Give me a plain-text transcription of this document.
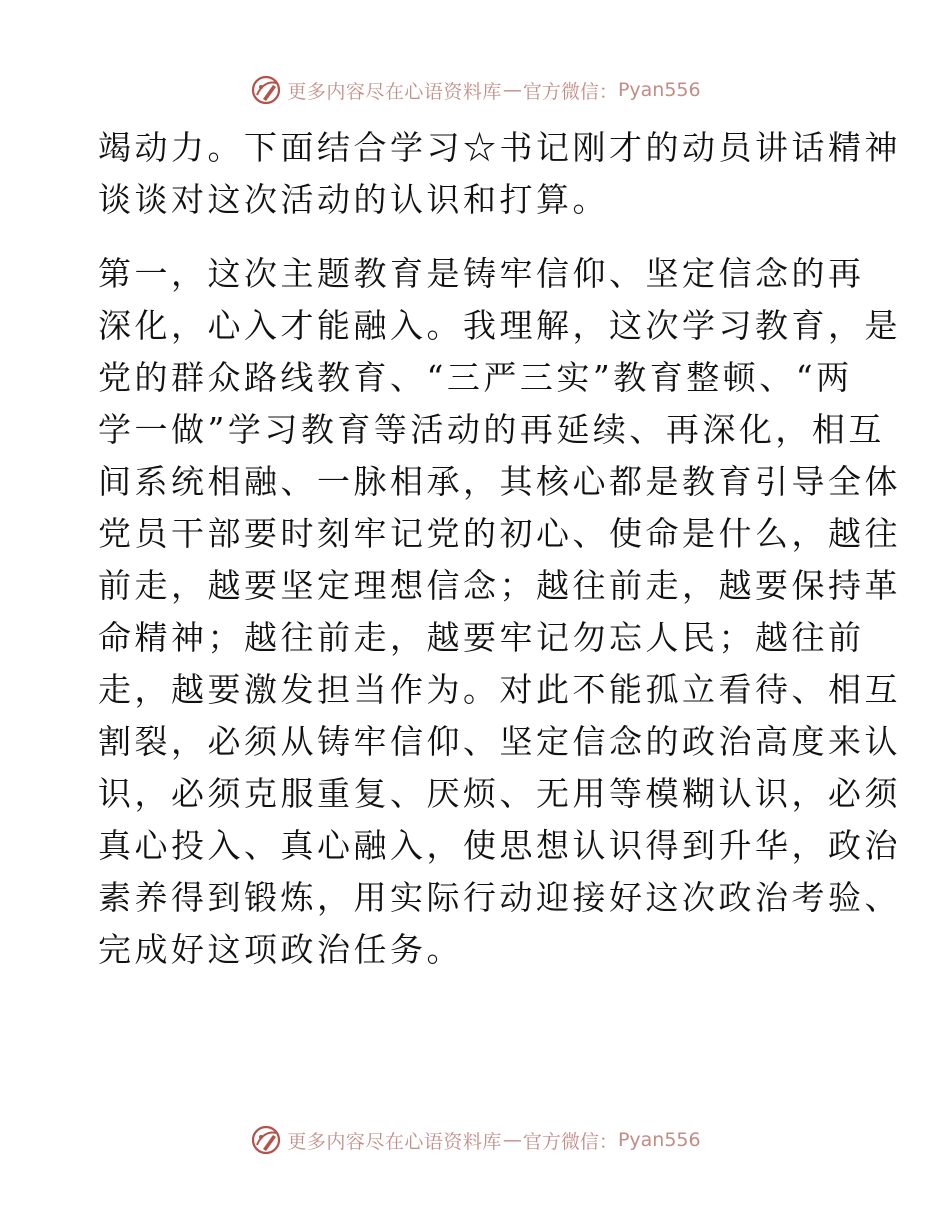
更多内容尽在心语资料库 — 官方微信： Pyan556

竭动力。下面结合学习☆书记刚才的动员讲话精神
谈谈对这次活动的认识和打算。

第一，这次主题教育是铸牢信仰、坚定信念的再
深化，心入才能融入。我理解，这次学习教育，是
党的群众路线教育、“三严三实”教育整顿、“两
学一做”学习教育等活动的再延续、再深化，相互
间系统相融、一脉相承，其核心都是教育引导全体
党员干部要时刻牢记党的初心、使命是什么，越往
前走，越要坚定理想信念；越往前走，越要保持革
命精神；越往前走，越要牢记勿忘人民；越往前
走，越要激发担当作为。对此不能孤立看待、相互
割裂，必须从铸牢信仰、坚定信念的政治高度来认
识，必须克服重复、厌烦、无用等模糊认识，必须
真心投入、真心融入，使思想认识得到升华，政治
素养得到锻炼，用实际行动迎接好这次政治考验、
完成好这项政治任务。

更多内容尽在心语资料库 — 官方微信： Pyan556
